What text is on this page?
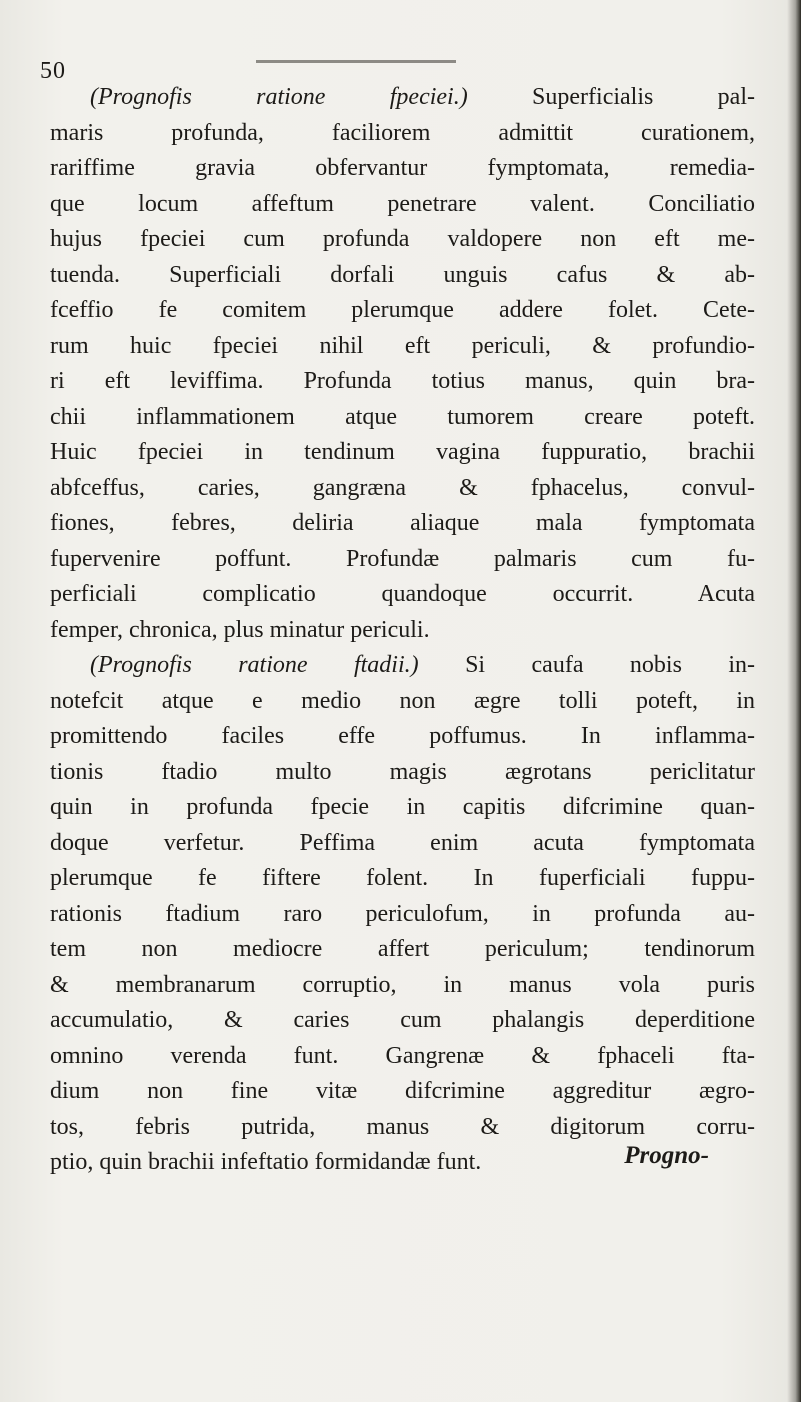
50
(Prognofis ratione fpeciei.)	Superficialis pal-
maris profunda, faciliorem admittit curationem,
rariffime gravia obfervantur fymptomata, remedia-
que locum affeftum penetrare valent. Conciliatio
hujus fpeciei cum profunda valdopere non eft me-
tuenda. Superficiali dorfali unguis cafus & ab-
fceffio fe comitem plerumque addere folet. Cete-
rum huic fpeciei nihil eft periculi, & profundio-
ri eft leviffima. Profunda totius manus, quin bra-
chii inflammationem atque tumorem creare poteft.
Huic fpeciei in tendinum vagina fuppuratio, brachii
abfceffus, caries, gangræna & fphacelus, convul-
fiones, febres, deliria aliaque mala fymptomata
fupervenire poffunt. Profundæ palmaris cum fu-
perficiali complicatio quandoque occurrit. Acuta
femper, chronica, plus minatur periculi.
(Prognofis ratione ftadii.) Si caufa nobis in-
notefcit atque e medio non ægre tolli poteft, in
promittendo faciles effe poffumus. In inflamma-
tionis ftadio multo magis ægrotans periclitatur
quin in profunda fpecie in capitis difcrimine quan-
doque verfetur. Peffima enim acuta fymptomata
plerumque fe fiftere folent. In fuperficiali fuppu-
rationis ftadium raro periculofum, in profunda au-
tem non mediocre affert periculum; tendinorum
& membranarum corruptio, in manus vola puris
accumulatio, & caries cum phalangis deperditione
omnino verenda funt. Gangrenæ & fphaceli fta-
dium non fine vitæ difcrimine aggreditur ægro-
tos, febris putrida, manus & digitorum corru-
ptio, quin brachii infeftatio formidandæ funt.	Progno-
